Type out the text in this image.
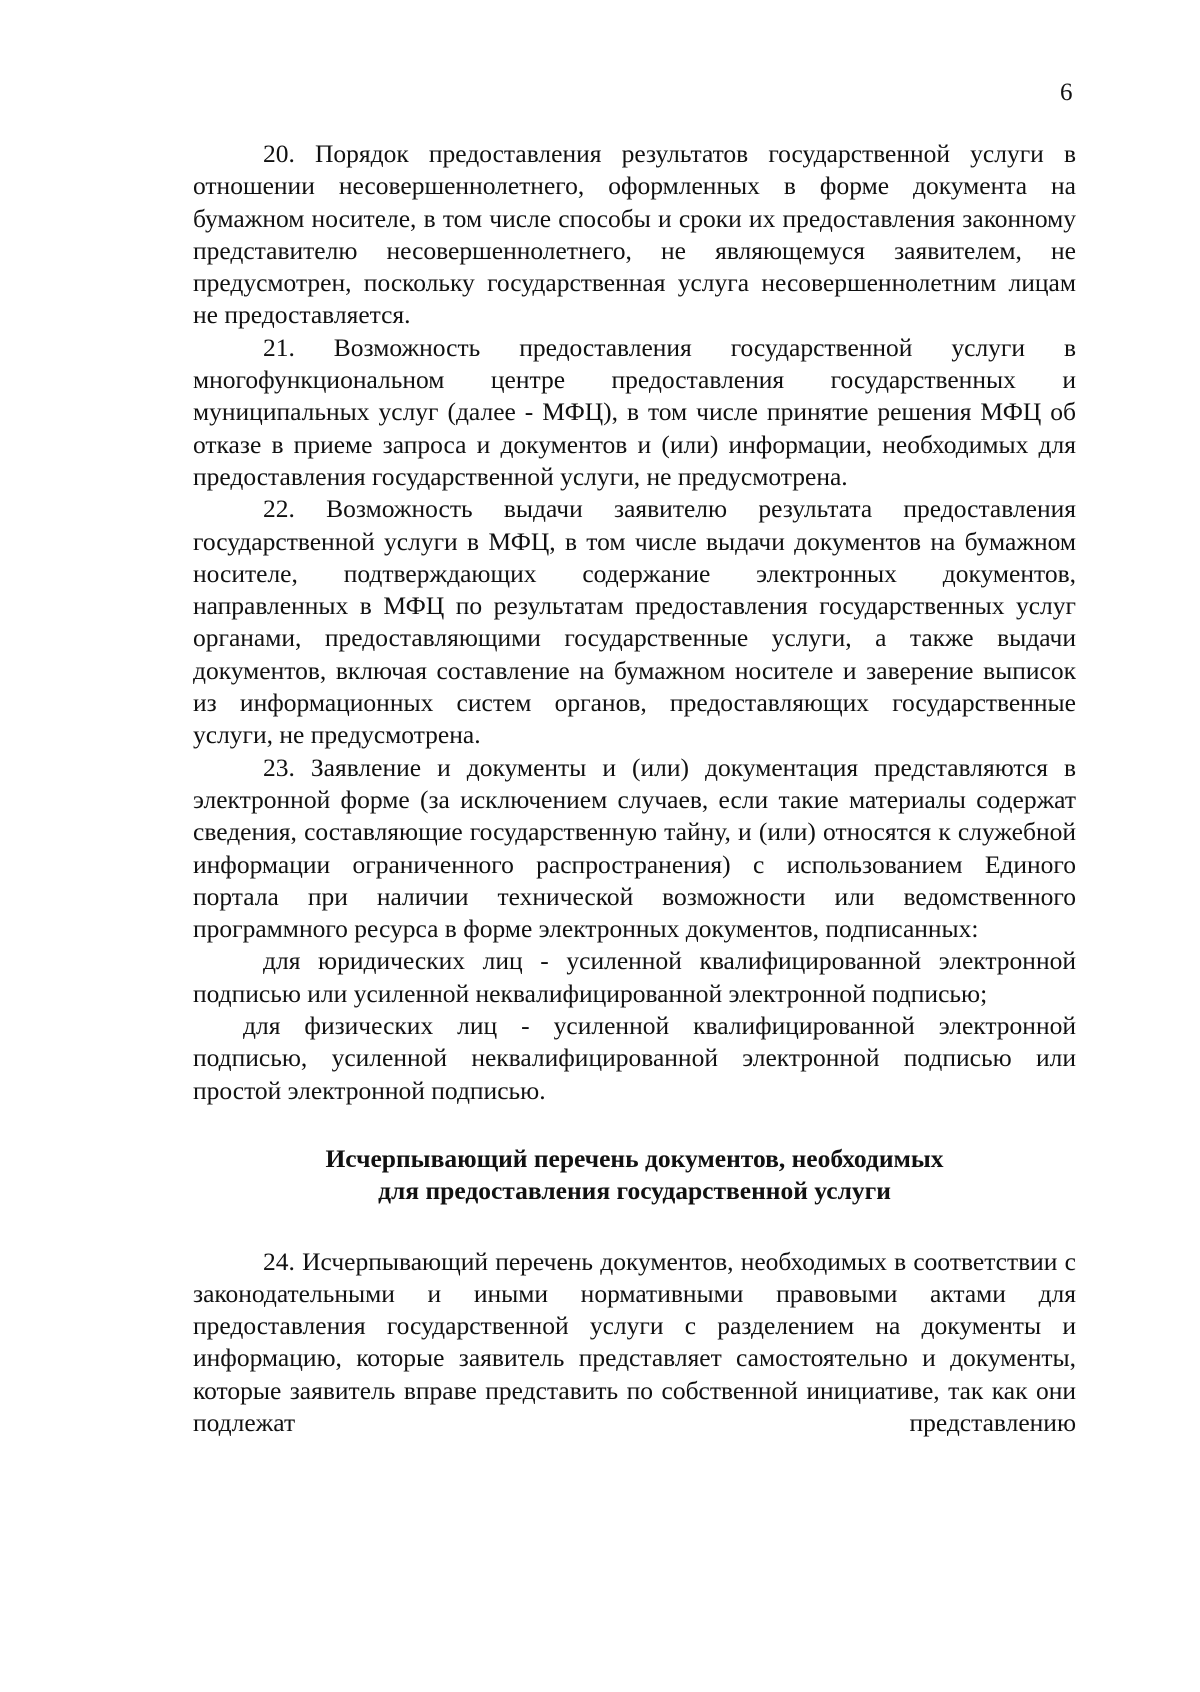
6

20. Порядок предоставления результатов государственной услуги в отношении несовершеннолетнего, оформленных в форме документа на бумажном носителе, в том числе способы и сроки их предоставления законному представителю несовершеннолетнего, не являющемуся заявителем, не предусмотрен, поскольку государственная услуга несовершеннолетним лицам не предоставляется.

21. Возможность предоставления государственной услуги в многофункциональном центре предоставления государственных и муниципальных услуг (далее - МФЦ), в том числе принятие решения МФЦ об отказе в приеме запроса и документов и (или) информации, необходимых для предоставления государственной услуги, не предусмотрена.

22. Возможность выдачи заявителю результата предоставления государственной услуги в МФЦ, в том числе выдачи документов на бумажном носителе, подтверждающих содержание электронных документов, направленных в МФЦ по результатам предоставления государственных услуг органами, предоставляющими государственные услуги, а также выдачи документов, включая составление на бумажном носителе и заверение выписок из информационных систем органов, предоставляющих государственные услуги, не предусмотрена.

23. Заявление и документы и (или) документация представляются в электронной форме (за исключением случаев, если такие материалы содержат сведения, составляющие государственную тайну, и (или) относятся к служебной информации ограниченного распространения) с использованием Единого портала при наличии технической возможности или ведомственного программного ресурса в форме электронных документов, подписанных:

для юридических лиц - усиленной квалифицированной электронной подписью или усиленной неквалифицированной электронной подписью;

для физических лиц - усиленной квалифицированной электронной подписью, усиленной неквалифицированной электронной подписью или простой электронной подписью.

Исчерпывающий перечень документов, необходимых
для предоставления государственной услуги

24. Исчерпывающий перечень документов, необходимых в соответствии с законодательными и иными нормативными правовыми актами для предоставления государственной услуги с разделением на документы и информацию, которые заявитель представляет самостоятельно и документы, которые заявитель вправе представить по собственной инициативе, так как они подлежат представлению
